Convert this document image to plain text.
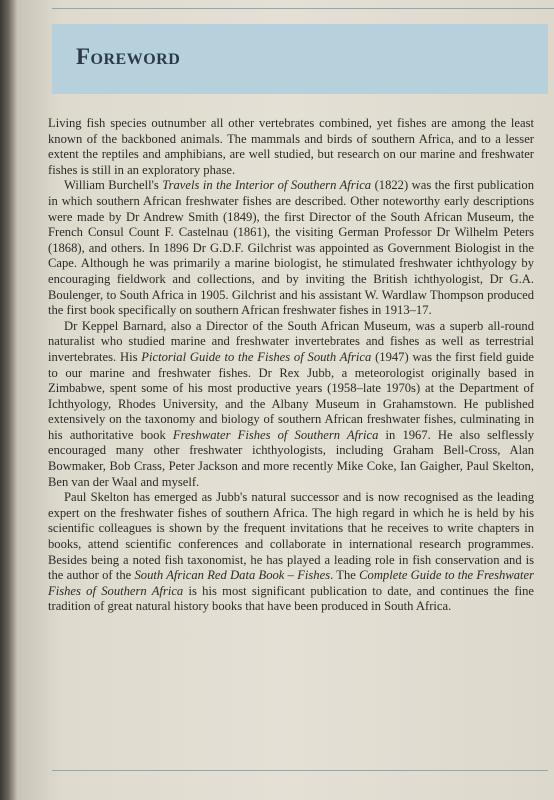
Foreword

Living fish species outnumber all other vertebrates combined, yet fishes are among the least known of the backboned animals. The mammals and birds of southern Africa, and to a lesser extent the reptiles and amphibians, are well studied, but research on our marine and freshwater fishes is still in an exploratory phase.

William Burchell's Travels in the Interior of Southern Africa (1822) was the first publication in which southern African freshwater fishes are described. Other noteworthy early descriptions were made by Dr Andrew Smith (1849), the first Director of the South African Museum, the French Consul Count F. Castelnau (1861), the visiting German Professor Dr Wilhelm Peters (1868), and others. In 1896 Dr G.D.F. Gilchrist was appointed as Government Biologist in the Cape. Although he was primarily a marine biologist, he stimulated freshwater ichthyology by encouraging fieldwork and collections, and by inviting the British ichthyologist, Dr G.A. Boulenger, to South Africa in 1905. Gilchrist and his assistant W. Wardlaw Thompson produced the first book specifically on southern African freshwater fishes in 1913–17.

Dr Keppel Barnard, also a Director of the South African Museum, was a superb all-round naturalist who studied marine and freshwater invertebrates and fishes as well as terrestrial invertebrates. His Pictorial Guide to the Fishes of South Africa (1947) was the first field guide to our marine and freshwater fishes. Dr Rex Jubb, a meteorologist originally based in Zimbabwe, spent some of his most productive years (1958–late 1970s) at the Department of Ichthyology, Rhodes University, and the Albany Museum in Grahamstown. He published extensively on the taxonomy and biology of southern African freshwater fishes, culminating in his authoritative book Freshwater Fishes of Southern Africa in 1967. He also selflessly encouraged many other freshwater ichthyologists, including Graham Bell-Cross, Alan Bowmaker, Bob Crass, Peter Jackson and more recently Mike Coke, Ian Gaigher, Paul Skelton, Ben van der Waal and myself.

Paul Skelton has emerged as Jubb's natural successor and is now recognised as the leading expert on the freshwater fishes of southern Africa. The high regard in which he is held by his scientific colleagues is shown by the frequent invitations that he receives to write chapters in books, attend scientific conferences and collaborate in international research programmes. Besides being a noted fish taxonomist, he has played a leading role in fish conservation and is the author of the South African Red Data Book – Fishes. The Complete Guide to the Freshwater Fishes of Southern Africa is his most significant publication to date, and continues the fine tradition of great natural history books that have been produced in South Africa.
